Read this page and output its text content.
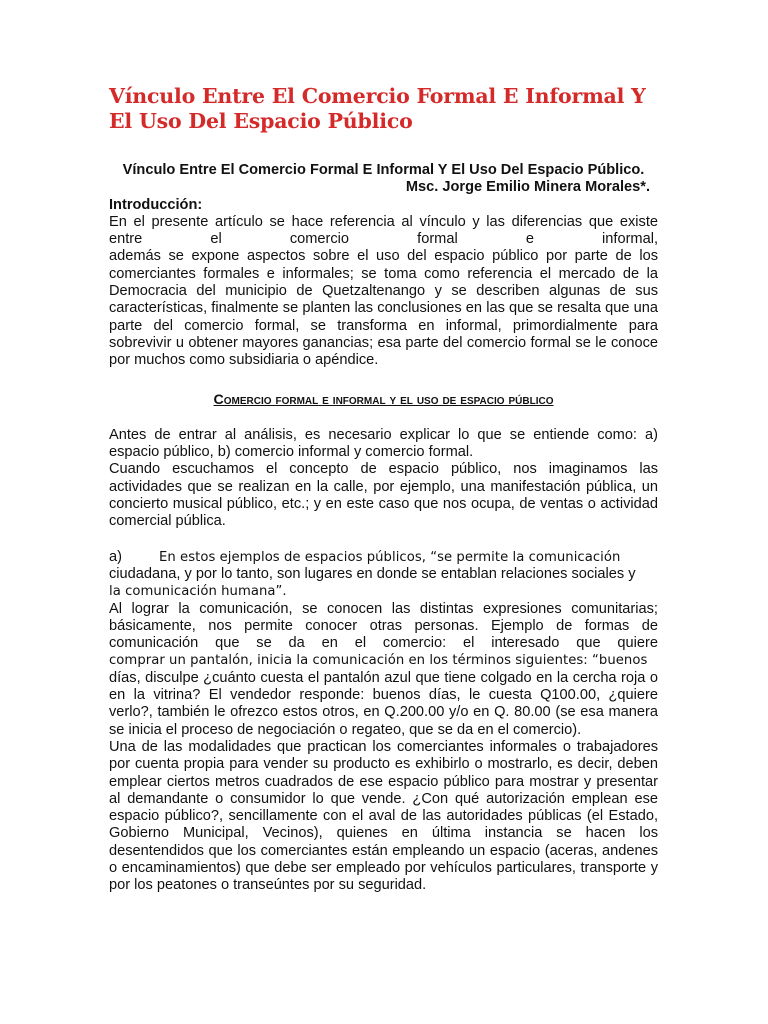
Vínculo Entre El Comercio Formal E Informal Y El Uso Del Espacio Público

Vínculo Entre El Comercio Formal E Informal Y El Uso Del Espacio Público.

Msc. Jorge Emilio Minera Morales*.

Introducción:

En el presente artículo se hace referencia al vínculo y las diferencias que existe entre el comercio formal e informal,

además se expone aspectos sobre el uso del espacio público por parte de los comerciantes formales e informales; se toma como referencia el mercado de la Democracia del municipio de Quetzaltenango y se describen algunas de sus características, finalmente se planten las conclusiones en las que se resalta que una parte del comercio formal, se transforma en informal, primordialmente para sobrevivir u obtener mayores ganancias; esa parte del comercio formal se le conoce por muchos como subsidiaria o apéndice.

Comercio formal e informal y el uso de espacio público

Antes de entrar al análisis, es necesario explicar lo que se entiende como: a) espacio público, b) comercio informal y comercio formal.

Cuando escuchamos el concepto de espacio público, nos imaginamos las actividades que se realizan en la calle, por ejemplo, una manifestación pública, un concierto musical público, etc.; y en este caso que nos ocupa, de ventas o actividad comercial pública.

a)	En estos ejemplos de espacios públicos, “se permite la comunicación

ciudadana, y por lo tanto, son lugares en donde se entablan relaciones sociales y

la comunicación humana”.

Al lograr la comunicación, se conocen las distintas expresiones comunitarias; básicamente, nos permite conocer otras personas. Ejemplo de formas de comunicación que se da en el comercio: el interesado que quiere

comprar un pantalón, inicia la comunicación en los términos siguientes: “buenos

días, disculpe ¿cuánto cuesta el pantalón azul que tiene colgado en la cercha roja o en la vitrina? El vendedor responde: buenos días, le cuesta Q100.00, ¿quiere verlo?, también le ofrezco estos otros, en Q.200.00 y/o en Q. 80.00 (se esa manera se inicia el proceso de negociación o regateo, que se da en el comercio).

Una de las modalidades que practican los comerciantes informales o trabajadores por cuenta propia para vender su producto es exhibirlo o mostrarlo, es decir, deben emplear ciertos metros cuadrados de ese espacio público para mostrar y presentar al demandante o consumidor lo que vende. ¿Con qué autorización emplean ese espacio público?, sencillamente con el aval de las autoridades públicas (el Estado, Gobierno Municipal, Vecinos), quienes en última instancia se hacen los desentendidos que los comerciantes están empleando un espacio (aceras, andenes o encaminamientos) que debe ser empleado por vehículos particulares, transporte y por los peatones o transeúntes por su seguridad.
